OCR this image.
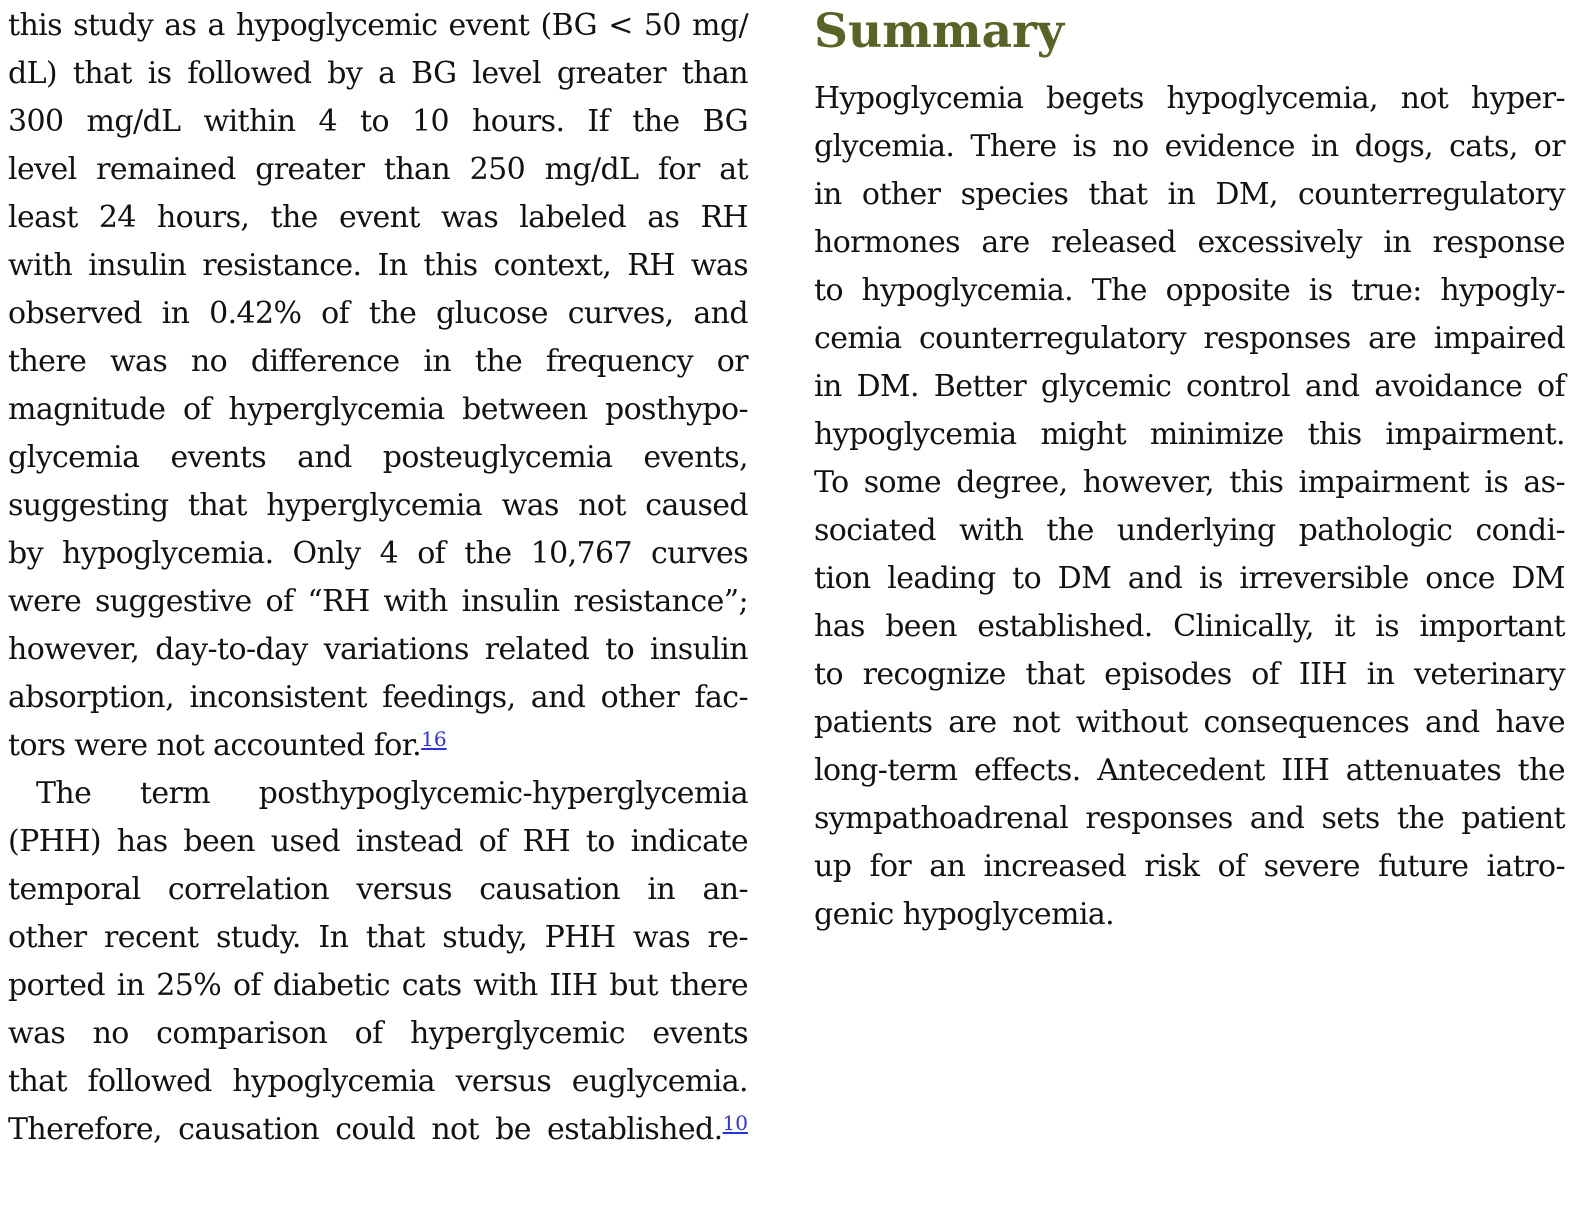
this study as a hypoglycemic event (BG < 50 mg/
dL) that is followed by a BG level greater than
300 mg/dL within 4 to 10 hours. If the BG
level remained greater than 250 mg/dL for at
least 24 hours, the event was labeled as RH
with insulin resistance. In this context, RH was
observed in 0.42% of the glucose curves, and
there was no difference in the frequency or
magnitude of hyperglycemia between posthypo-
glycemia events and posteuglycemia events,
suggesting that hyperglycemia was not caused
by hypoglycemia. Only 4 of the 10,767 curves
were suggestive of “RH with insulin resistance”;
however, day-to-day variations related to insulin
absorption, inconsistent feedings, and other fac-
tors were not accounted for.$^{16}$
The term posthypoglycemic-hyperglycemia
(PHH) has been used instead of RH to indicate
temporal correlation versus causation in an-
other recent study. In that study, PHH was re-
ported in 25% of diabetic cats with IIH but there
was no comparison of hyperglycemic events
that followed hypoglycemia versus euglycemia.
Therefore, causation could not be established.$^{10}$
Summary
Hypoglycemia begets hypoglycemia, not hyper-
glycemia. There is no evidence in dogs, cats, or
in other species that in DM, counterregulatory
hormones are released excessively in response
to hypoglycemia. The opposite is true: hypogly-
cemia counterregulatory responses are impaired
in DM. Better glycemic control and avoidance of
hypoglycemia might minimize this impairment.
To some degree, however, this impairment is as-
sociated with the underlying pathologic condi-
tion leading to DM and is irreversible once DM
has been established. Clinically, it is important
to recognize that episodes of IIH in veterinary
patients are not without consequences and have
long-term effects. Antecedent IIH attenuates the
sympathoadrenal responses and sets the patient
up for an increased risk of severe future iatro-
genic hypoglycemia.
